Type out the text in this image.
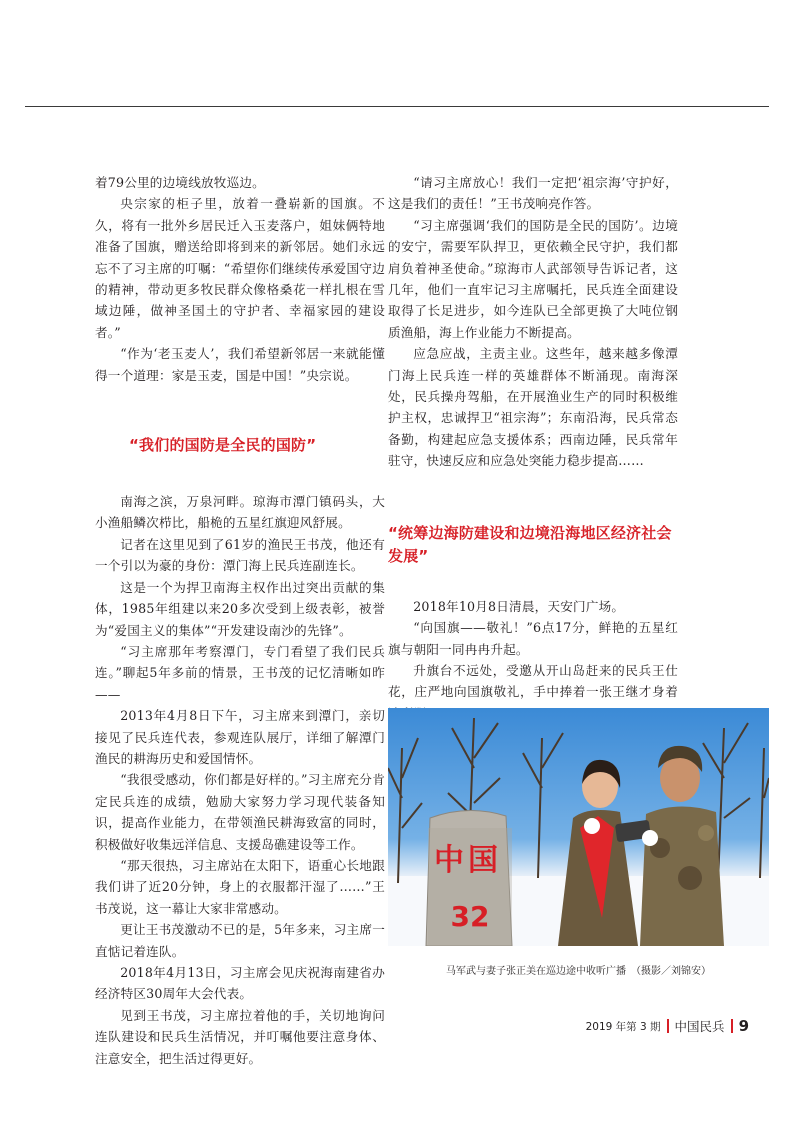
着79公里的边境线放牧巡边。

央宗家的柜子里，放着一叠崭新的国旗。不久，将有一批外乡居民迁入玉麦落户，姐妹俩特地准备了国旗，赠送给即将到来的新邻居。她们永远忘不了习主席的叮嘱：“希望你们继续传承爱国守边的精神，带动更多牧民群众像格桑花一样扎根在雪域边陲，做神圣国土的守护者、幸福家园的建设者。”

“作为‘老玉麦人’，我们希望新邻居一来就能懂得一个道理：家是玉麦，国是中国！”央宗说。

“我们的国防是全民的国防”

南海之滨，万泉河畔。琼海市潭门镇码头，大小渔船鳞次栉比，船桅的五星红旗迎风舒展。

记者在这里见到了61岁的渔民王书茂，他还有一个引以为豪的身份：潭门海上民兵连副连长。

这是一个为捍卫南海主权作出过突出贡献的集体，1985年组建以来20多次受到上级表彰，被誉为“爱国主义的集体”“开发建设南沙的先锋”。

“习主席那年考察潭门，专门看望了我们民兵连。”聊起5年多前的情景，王书茂的记忆清晰如昨——

2013年4月8日下午，习主席来到潭门，亲切接见了民兵连代表，参观连队展厅，详细了解潭门渔民的耕海历史和爱国情怀。

“我很受感动，你们都是好样的。”习主席充分肯定民兵连的成绩，勉励大家努力学习现代装备知识，提高作业能力，在带领渔民耕海致富的同时，积极做好收集远洋信息、支援岛礁建设等工作。

“那天很热，习主席站在太阳下，语重心长地跟我们讲了近20分钟，身上的衣服都汗湿了……”王书茂说，这一幕让大家非常感动。

更让王书茂激动不已的是，5年多来，习主席一直惦记着连队。

2018年4月13日，习主席会见庆祝海南建省办经济特区30周年大会代表。

见到王书茂，习主席拉着他的手，关切地询问连队建设和民兵生活情况，并叮嘱他要注意身体、注意安全，把生活过得更好。

“请习主席放心！我们一定把‘祖宗海’守护好，这是我们的责任！”王书茂响亮作答。

“习主席强调‘我们的国防是全民的国防’。边境的安宁，需要军队捍卫，更依赖全民守护，我们都肩负着神圣使命。”琼海市人武部领导告诉记者，这几年，他们一直牢记习主席嘱托，民兵连全面建设取得了长足进步，如今连队已全部更换了大吨位钢质渔船，海上作业能力不断提高。

应急应战，主责主业。这些年，越来越多像潭门海上民兵连一样的英雄群体不断涌现。南海深处，民兵操舟驾船，在开展渔业生产的同时积极维护主权，忠诚捍卫“祖宗海”；东南沿海，民兵常态备勤，构建起应急支援体系；西南边陲，民兵常年驻守，快速反应和应急处突能力稳步提高……

“统筹边海防建设和边境沿海地区经济社会发展”

2018年10月8日清晨，天安门广场。

“向国旗——敬礼！”6点17分，鲜艳的五星红旗与朝阳一同冉冉升起。

升旗台不远处，受邀从开山岛赶来的民兵王仕花，庄严地向国旗敬礼，手中捧着一张王继才身着

中国
32
马军武与妻子张正美在巡边途中收听广播　（摄影／刘锦安）
2019 年第 3 期 中国民兵 9
